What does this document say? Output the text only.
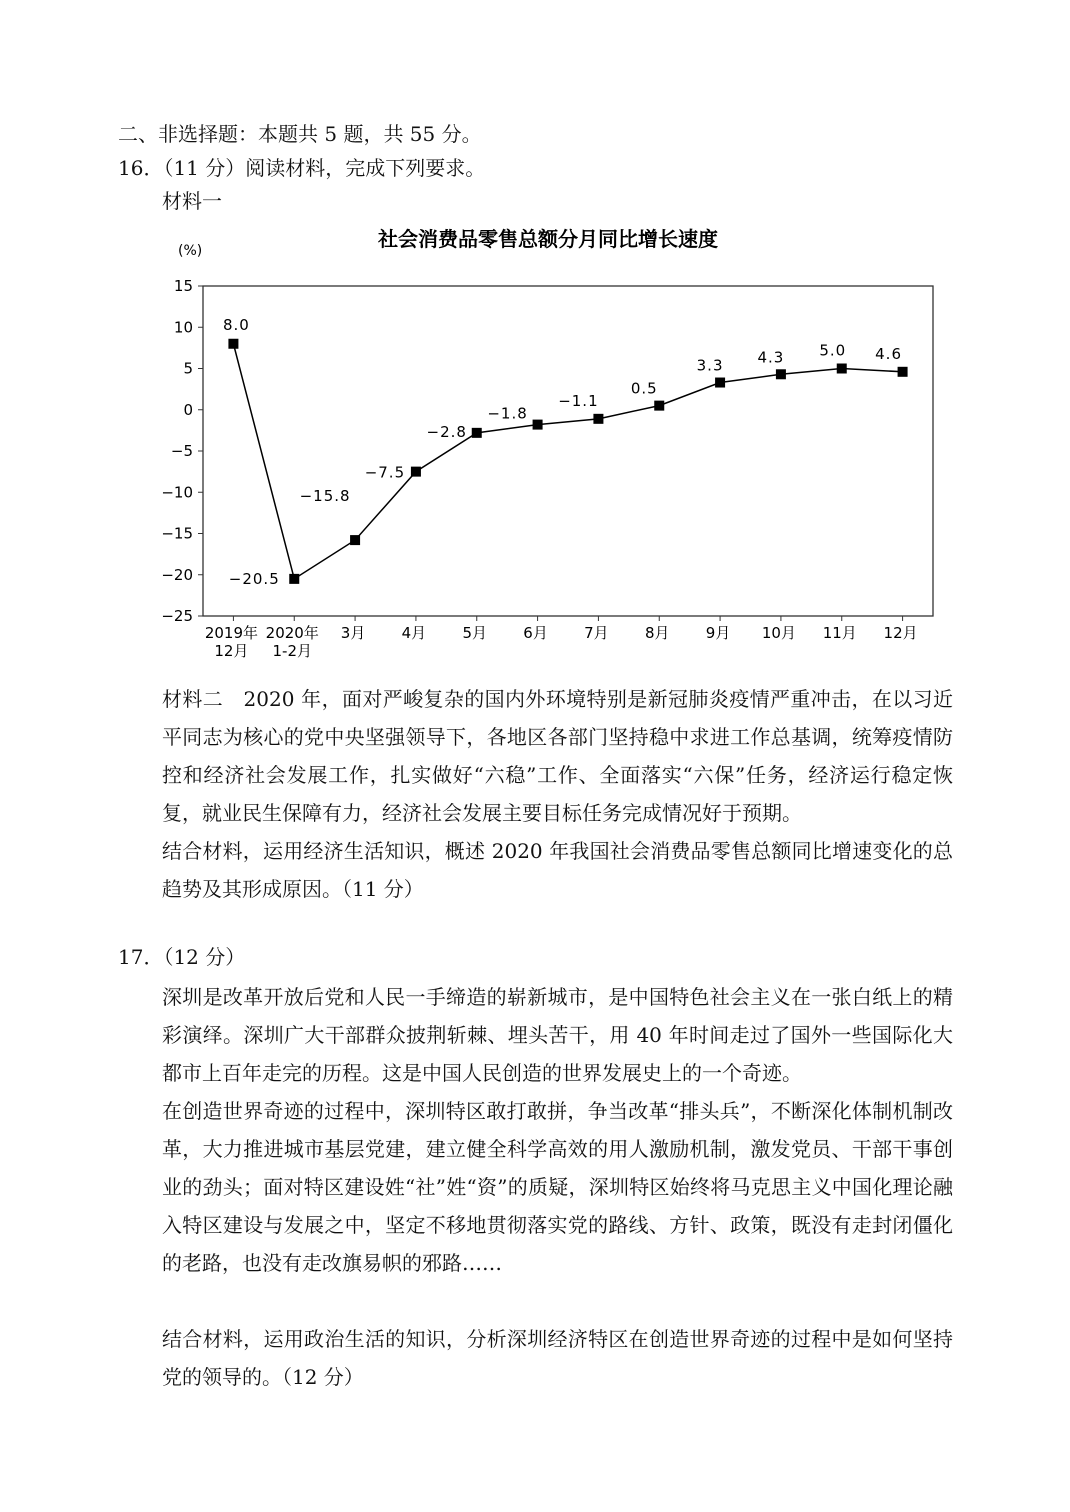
二、非选择题：本题共 5 题，共 55 分。
16．（11 分）阅读材料，完成下列要求。
材料一
社会消费品零售总额分月同比增长速度
(%)
15
10
5
0
−5
−10
−15
−20
−25
2019年
12月
2020年
1-2月
3月 4月 5月 6月 7月 8月 9月 10月 11月 12月
8.0
−20.5
−15.8
−7.5
−2.8
−1.8
−1.1
0.5
3.3 4.3 5.0 4.6
材料二　 2020 年，面对严峻复杂的国内外环境特别是新冠肺炎疫情严重冲击，在以习近平同志为核心的党中央坚强领导下，各地区各部门坚持稳中求进工作总基调，统筹疫情防控和经济社会发展工作，扎实做好“六稳”工作、全面落实“六保”任务，经济运行稳定恢复，就业民生保障有力，经济社会发展主要目标任务完成情况好于预期。
结合材料，运用经济生活知识，概述 2020 年我国社会消费品零售总额同比增速变化的总趋势及其形成原因。（11 分）
17．（12 分）
深圳是改革开放后党和人民一手缔造的崭新城市，是中国特色社会主义在一张白纸上的精彩演绎。深圳广大干部群众披荆斩棘、埋头苦干，用 40 年时间走过了国外一些国际化大都市上百年走完的历程。这是中国人民创造的世界发展史上的一个奇迹。
在创造世界奇迹的过程中，深圳特区敢打敢拼，争当改革“排头兵”，不断深化体制机制改革，大力推进城市基层党建，建立健全科学高效的用人激励机制，激发党员、干部干事创业的劲头；面对特区建设姓“社”姓“资”的质疑，深圳特区始终将马克思主义中国化理论融入特区建设与发展之中，坚定不移地贯彻落实党的路线、方针、政策，既没有走封闭僵化的老路，也没有走改旗易帜的邪路……
结合材料，运用政治生活的知识，分析深圳经济特区在创造世界奇迹的过程中是如何坚持党的领导的。（12 分）
